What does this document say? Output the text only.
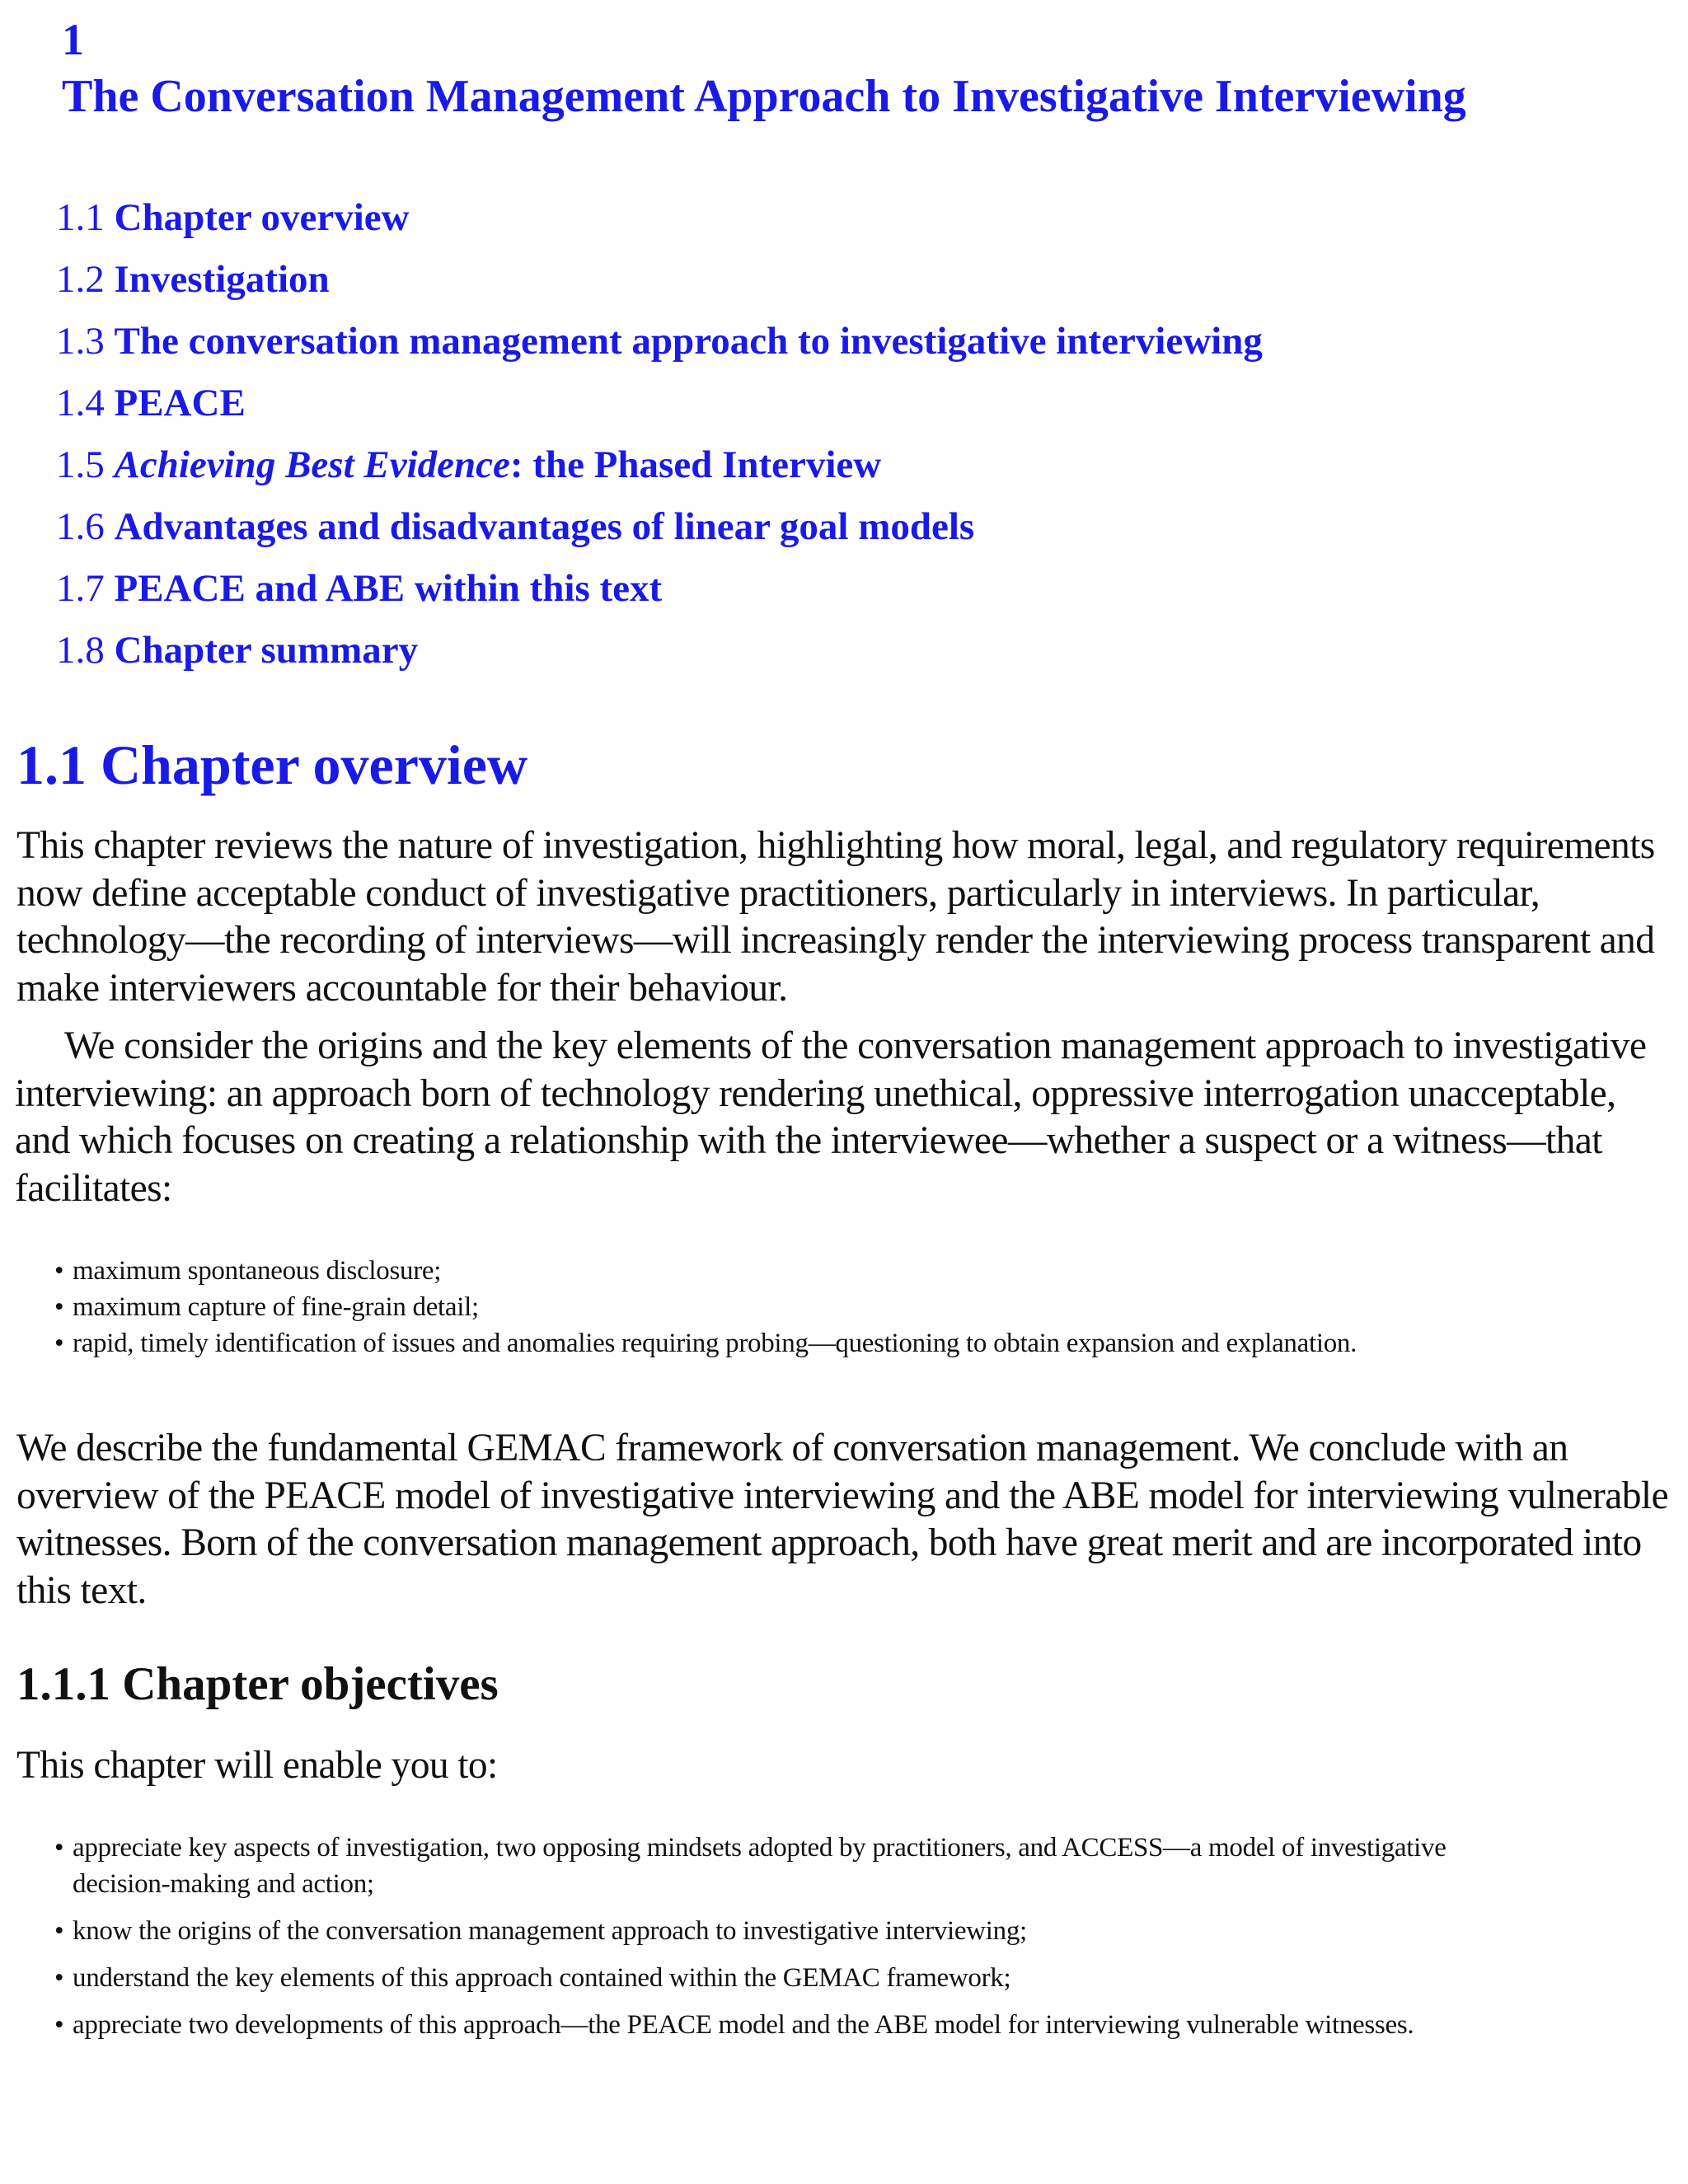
1
The Conversation Management Approach to Investigative Interviewing
1.1 Chapter overview
1.2 Investigation
1.3 The conversation management approach to investigative interviewing
1.4 PEACE
1.5 Achieving Best Evidence: the Phased Interview
1.6 Advantages and disadvantages of linear goal models
1.7 PEACE and ABE within this text
1.8 Chapter summary
1.1 Chapter overview

This chapter reviews the nature of investigation, highlighting how moral, legal, and regulatory requirements now define acceptable conduct of investigative practitioners, particularly in interviews. In particular, technology—the recording of interviews—will increasingly render the interviewing process transparent and make interviewers accountable for their behaviour.

We consider the origins and the key elements of the conversation management approach to investigative interviewing: an approach born of technology rendering unethical, oppressive interrogation unacceptable, and which focuses on creating a relationship with the interviewee—whether a suspect or a witness—that facilitates:

• maximum spontaneous disclosure;
• maximum capture of fine-grain detail;
• rapid, timely identification of issues and anomalies requiring probing—questioning to obtain expansion and explanation.

We describe the fundamental GEMAC framework of conversation management. We conclude with an overview of the PEACE model of investigative interviewing and the ABE model for interviewing vulnerable witnesses. Born of the conversation management approach, both have great merit and are incorporated into this text.

1.1.1 Chapter objectives

This chapter will enable you to:

• appreciate key aspects of investigation, two opposing mindsets adopted by practitioners, and ACCESS—a model of investigative decision-making and action;
• know the origins of the conversation management approach to investigative interviewing;
• understand the key elements of this approach contained within the GEMAC framework;
• appreciate two developments of this approach—the PEACE model and the ABE model for interviewing vulnerable witnesses.
